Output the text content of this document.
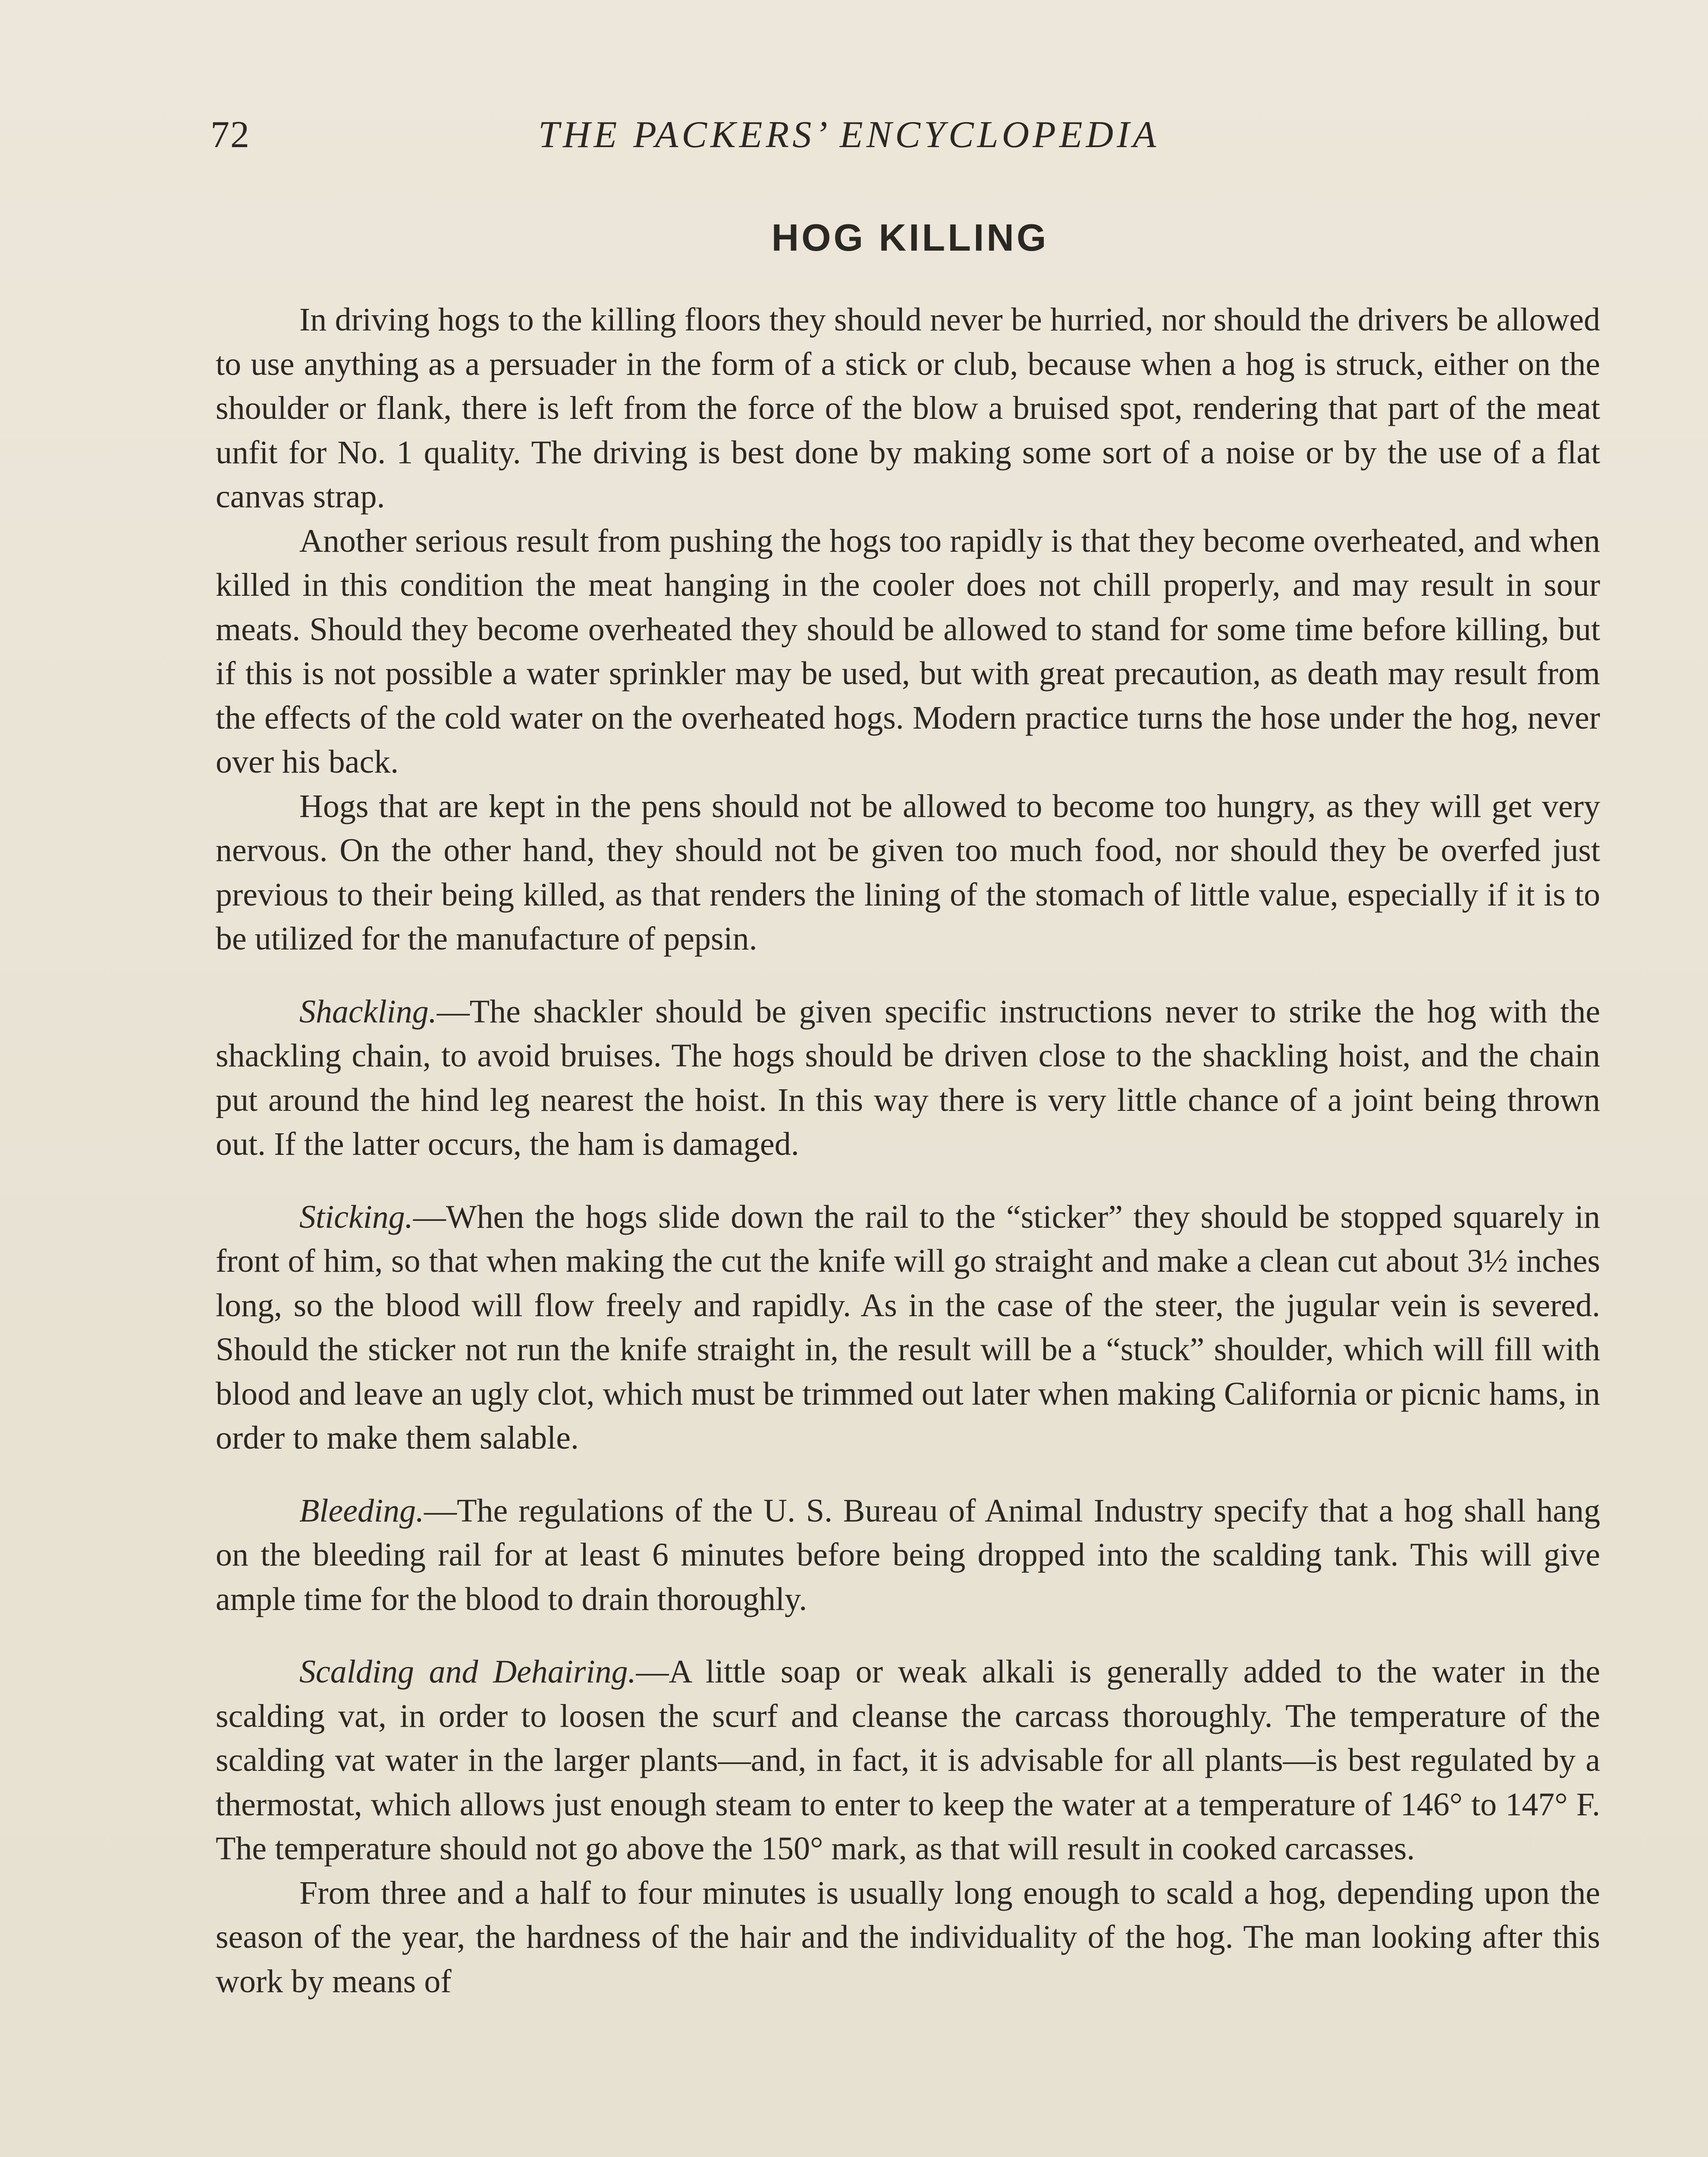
72	THE PACKERS’ ENCYCLOPEDIA
HOG KILLING

In driving hogs to the killing floors they should never be hurried, nor should the drivers be allowed to use anything as a persuader in the form of a stick or club, because when a hog is struck, either on the shoulder or flank, there is left from the force of the blow a bruised spot, rendering that part of the meat unfit for No. 1 quality. The driving is best done by making some sort of a noise or by the use of a flat canvas strap.

Another serious result from pushing the hogs too rapidly is that they become overheated, and when killed in this condition the meat hanging in the cooler does not chill properly, and may result in sour meats. Should they become overheated they should be allowed to stand for some time before killing, but if this is not possible a water sprinkler may be used, but with great precaution, as death may result from the effects of the cold water on the overheated hogs. Modern practice turns the hose under the hog, never over his back.

Hogs that are kept in the pens should not be allowed to become too hungry, as they will get very nervous. On the other hand, they should not be given too much food, nor should they be overfed just previous to their being killed, as that renders the lining of the stomach of little value, especially if it is to be utilized for the manufacture of pepsin.

Shackling.—The shackler should be given specific instructions never to strike the hog with the shackling chain, to avoid bruises. The hogs should be driven close to the shackling hoist, and the chain put around the hind leg nearest the hoist. In this way there is very little chance of a joint being thrown out. If the latter occurs, the ham is damaged.

Sticking.—When the hogs slide down the rail to the “sticker” they should be stopped squarely in front of him, so that when making the cut the knife will go straight and make a clean cut about 3½ inches long, so the blood will flow freely and rapidly. As in the case of the steer, the jugular vein is severed. Should the sticker not run the knife straight in, the result will be a “stuck” shoulder, which will fill with blood and leave an ugly clot, which must be trimmed out later when making California or picnic hams, in order to make them salable.

Bleeding.—The regulations of the U. S. Bureau of Animal Industry specify that a hog shall hang on the bleeding rail for at least 6 minutes before being dropped into the scalding tank. This will give ample time for the blood to drain thoroughly.

Scalding and Dehairing.—A little soap or weak alkali is generally added to the water in the scalding vat, in order to loosen the scurf and cleanse the carcass thoroughly. The temperature of the scalding vat water in the larger plants—and, in fact, it is advisable for all plants—is best regulated by a thermostat, which allows just enough steam to enter to keep the water at a temperature of 146° to 147° F. The temperature should not go above the 150° mark, as that will result in cooked carcasses.

From three and a half to four minutes is usually long enough to scald a hog, depending upon the season of the year, the hardness of the hair and the individuality of the hog. The man looking after this work by means of
